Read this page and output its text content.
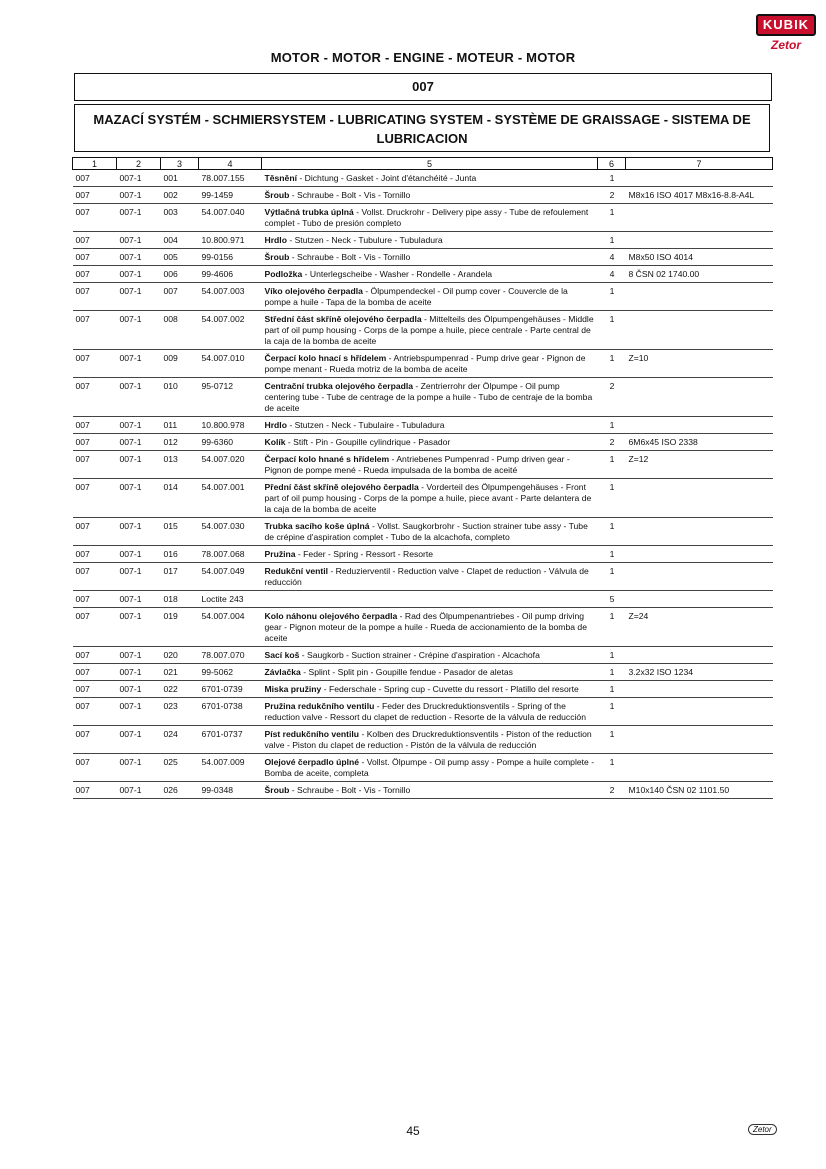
KUBIK
Zetor
MOTOR - MOTOR - ENGINE - MOTEUR - MOTOR
007
MAZACÍ SYSTÉM - SCHMIERSYSTEM - LUBRICATING SYSTEM - SYSTÈME DE GRAISSAGE - SISTEMA DE LUBRICACION
1	2	3	4	5	6	7
007	007-1	001	78.007.155	Těsnění - Dichtung - Gasket - Joint d'étanchéité - Junta	1	
007	007-1	002	99-1459	Šroub - Schraube - Bolt - Vis - Tornillo	2	M8x16 ISO 4017 M8x16-8.8-A4L
007	007-1	003	54.007.040	Výtlačná trubka úplná - Vollst. Druckrohr - Delivery pipe assy - Tube de refoulement complet - Tubo de presión completo	1	
007	007-1	004	10.800.971	Hrdlo - Stutzen - Neck - Tubulure - Tubuladura	1	
007	007-1	005	99-0156	Šroub - Schraube - Bolt - Vis - Tornillo	4	M8x50 ISO 4014
007	007-1	006	99-4606	Podložka - Unterlegscheibe - Washer - Rondelle - Arandela	4	8 ČSN 02 1740.00
007	007-1	007	54.007.003	Víko olejového čerpadla - Ölpumpendeckel - Oil pump cover - Couvercle de la pompe a huile - Tapa de la bomba de aceite	1	
007	007-1	008	54.007.002	Střední část skříně olejového čerpadla - Mittelteils des Ölpumpengehäuses - Middle part of oil pump housing - Corps de la pompe a huile, piece centrale - Parte central de la caja de la bomba de aceite	1	
007	007-1	009	54.007.010	Čerpací kolo hnací s hřídelem - Antriebspumpenrad - Pump drive gear - Pignon de pompe menant - Rueda motriz de la bomba de aceite	1	Z=10
007	007-1	010	95-0712	Centrační trubka olejového čerpadla - Zentrierrohr der Ölpumpe - Oil pump centering tube - Tube de centrage de la pompe a huile - Tubo de centraje de la bomba de aceite	2	
007	007-1	011	10.800.978	Hrdlo - Stutzen - Neck - Tubulaire - Tubuladura	1	
007	007-1	012	99-6360	Kolík - Stift - Pin - Goupille cylindrique - Pasador	2	6M6x45 ISO 2338
007	007-1	013	54.007.020	Čerpací kolo hnané s hřídelem - Antriebenes Pumpenrad - Pump driven gear - Pignon de pompe mené - Rueda impulsada de la bomba de aceité	1	Z=12
007	007-1	014	54.007.001	Přední část skříně olejového čerpadla - Vorderteil des Ölpumpengehäuses - Front part of oil pump housing - Corps de la pompe a huile, piece avant - Parte delantera de la caja de la bomba de aceite	1	
007	007-1	015	54.007.030	Trubka sacího koše úplná - Vollst. Saugkorbrohr - Suction strainer tube assy - Tube de crépine d'aspiration complet - Tubo de la alcachofa, completo	1	
007	007-1	016	78.007.068	Pružina - Feder - Spring - Ressort - Resorte	1	
007	007-1	017	54.007.049	Redukční ventil - Reduzierventil - Reduction valve - Clapet de reduction - Válvula de reducción	1	
007	007-1	018	Loctite 243		5	
007	007-1	019	54.007.004	Kolo náhonu olejového čerpadla - Rad des Ölpumpenantriebes - Oil pump driving gear - Pignon moteur de la pompe a huile - Rueda de accionamiento de la bomba de aceite	1	Z=24
007	007-1	020	78.007.070	Sací koš - Saugkorb - Suction strainer - Crépine d'aspiration - Alcachofa	1	
007	007-1	021	99-5062	Závlačka - Splint - Split pin - Goupille fendue - Pasador de aletas	1	3.2x32 ISO 1234
007	007-1	022	6701-0739	Miska pružiny - Federschale - Spring cup - Cuvette du ressort - Platillo del resorte	1	
007	007-1	023	6701-0738	Pružina redukčního ventilu - Feder des Druckreduktionsventils - Spring of the reduction valve - Ressort du clapet de reduction - Resorte de la válvula de reducción	1	
007	007-1	024	6701-0737	Píst redukčního ventilu - Kolben des Druckreduktionsventils - Piston of the reduction valve - Piston du clapet de reduction - Pistón de la válvula de reducción	1	
007	007-1	025	54.007.009	Olejové čerpadlo úplné - Vollst. Ölpumpe - Oil pump assy - Pompe a huile complete - Bomba de aceite, completa	1	
007	007-1	026	99-0348	Šroub - Schraube - Bolt - Vis - Tornillo	2	M10x140 ČSN 02 1101.50
45	Zetor
